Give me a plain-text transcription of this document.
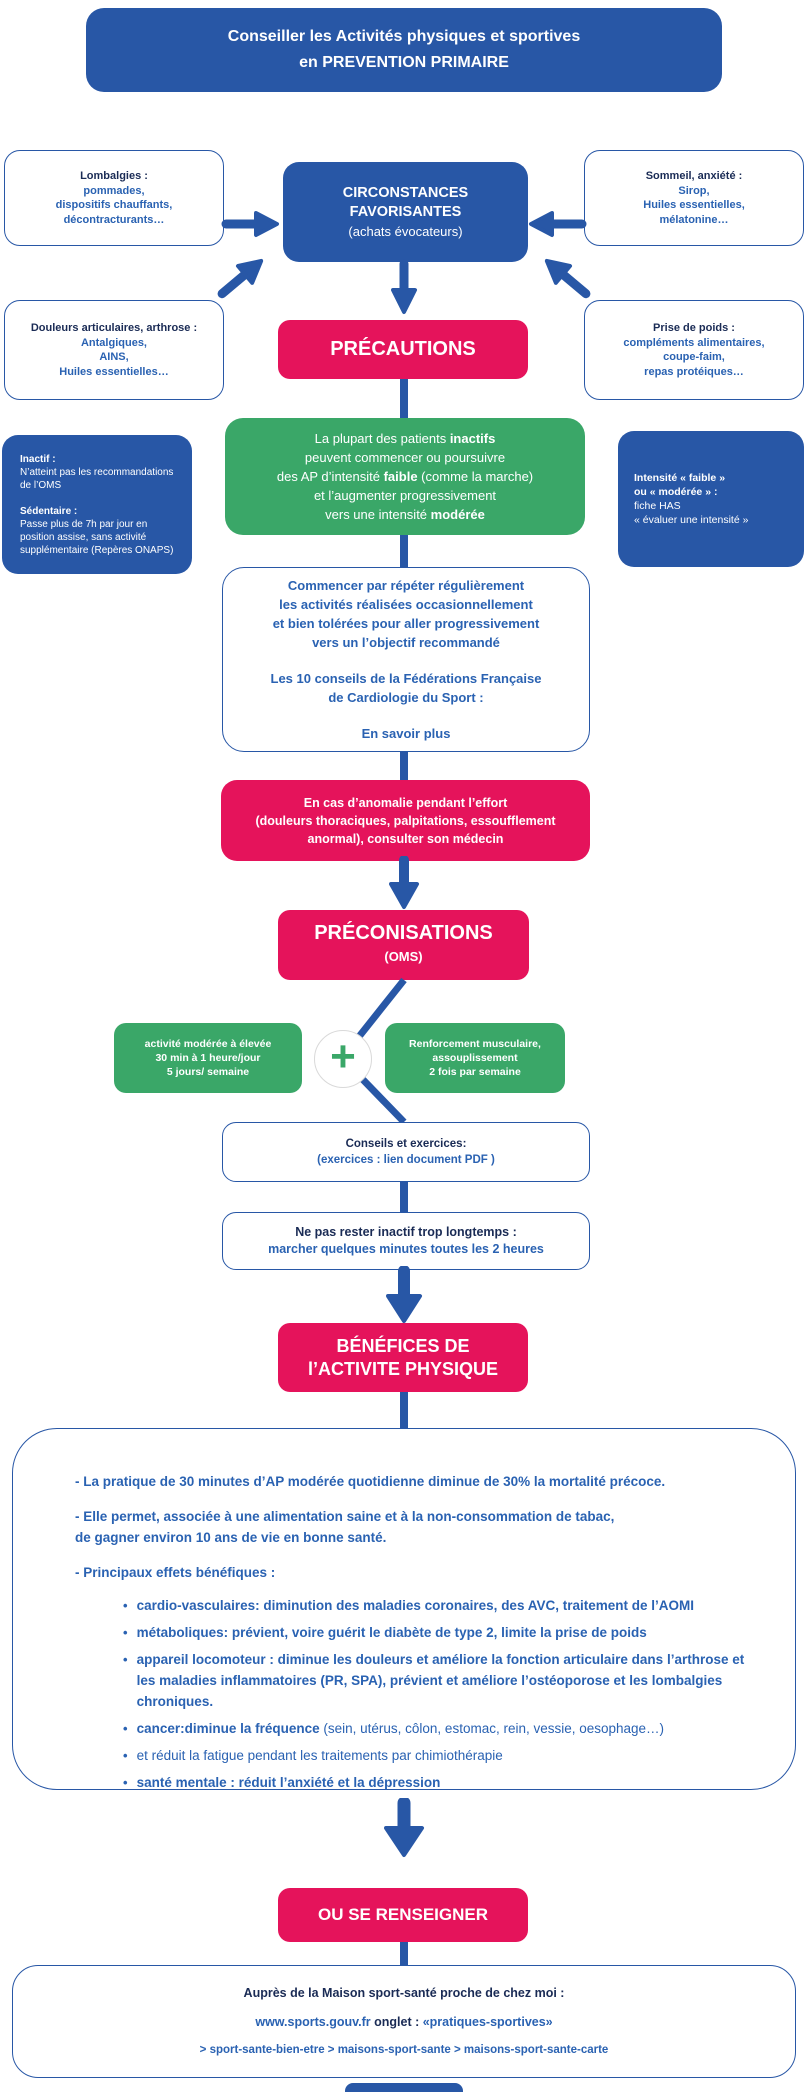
Conseiller les Activités physiques et sportives
en PREVENTION PRIMAIRE
Lombalgies :
pommades,
dispositifs chauffants,
décontracturants…
Sommeil, anxiété :
Sirop,
Huiles essentielles,
mélatonine…
CIRCONSTANCES
FAVORISANTES
(achats évocateurs)
Douleurs articulaires, arthrose :
Antalgiques,
AINS,
Huiles essentielles…
Prise de poids :
compléments alimentaires,
coupe-faim,
repas protéiques…
PRÉCAUTIONS
La plupart des patients inactifs
peuvent commencer ou poursuivre
des AP d’intensité faible (comme la marche)
et l’augmenter progressivement
vers une intensité modérée
Inactif :
N’atteint pas les recommandations de l’OMS
Sédentaire :
Passe plus de 7h par jour en position assise, sans activité supplémentaire (Repères ONAPS)
Intensité « faible »
ou « modérée » :
fiche HAS
« évaluer une intensité »
Commencer par répéter régulièrement
les activités réalisées occasionnellement
et bien tolérées pour aller progressivement
vers un l’objectif recommandé
Les 10 conseils de la Fédérations Française
de Cardiologie du Sport :
En savoir plus
En cas d’anomalie pendant l’effort
(douleurs thoraciques, palpitations, essoufflement
anormal), consulter son médecin
PRÉCONISATIONS
(OMS)
activité modérée à élevée
30 min à 1 heure/jour
5 jours/ semaine +	Renforcement musculaire,
assouplissement
2 fois par semaine
Conseils et exercices:
(exercices : lien document PDF )
Ne pas rester inactif trop longtemps :
marcher quelques minutes toutes les 2 heures
BÉNÉFICES DE
l’ACTIVITE PHYSIQUE
- La pratique de 30 minutes d’AP modérée quotidienne diminue de 30% la mortalité précoce.
- Elle permet, associée à une alimentation saine et à la non-consommation de tabac,
de gagner environ 10 ans de vie en bonne santé.
- Principaux effets bénéfiques :
• cardio-vasculaires: diminution des maladies coronaires, des AVC, traitement de l’AOMI
• métaboliques: prévient, voire guérit le diabète de type 2, limite la prise de poids
• appareil locomoteur : diminue les douleurs et améliore la fonction articulaire dans l’arthrose et les maladies inflammatoires (PR, SPA), prévient et améliore l’ostéoporose et les lombalgies chroniques.
• cancer:diminue la fréquence (sein, utérus, côlon, estomac, rein, vessie, oesophage…)
• et réduit la fatigue pendant les traitements par chimiothérapie
• santé mentale : réduit l’anxiété et la dépression
OU SE RENSEIGNER
Auprès de la Maison sport-santé proche de chez moi :
www.sports.gouv.fr onglet : «pratiques-sportives»
> sport-sante-bien-etre > maisons-sport-sante > maisons-sport-sante-carte
